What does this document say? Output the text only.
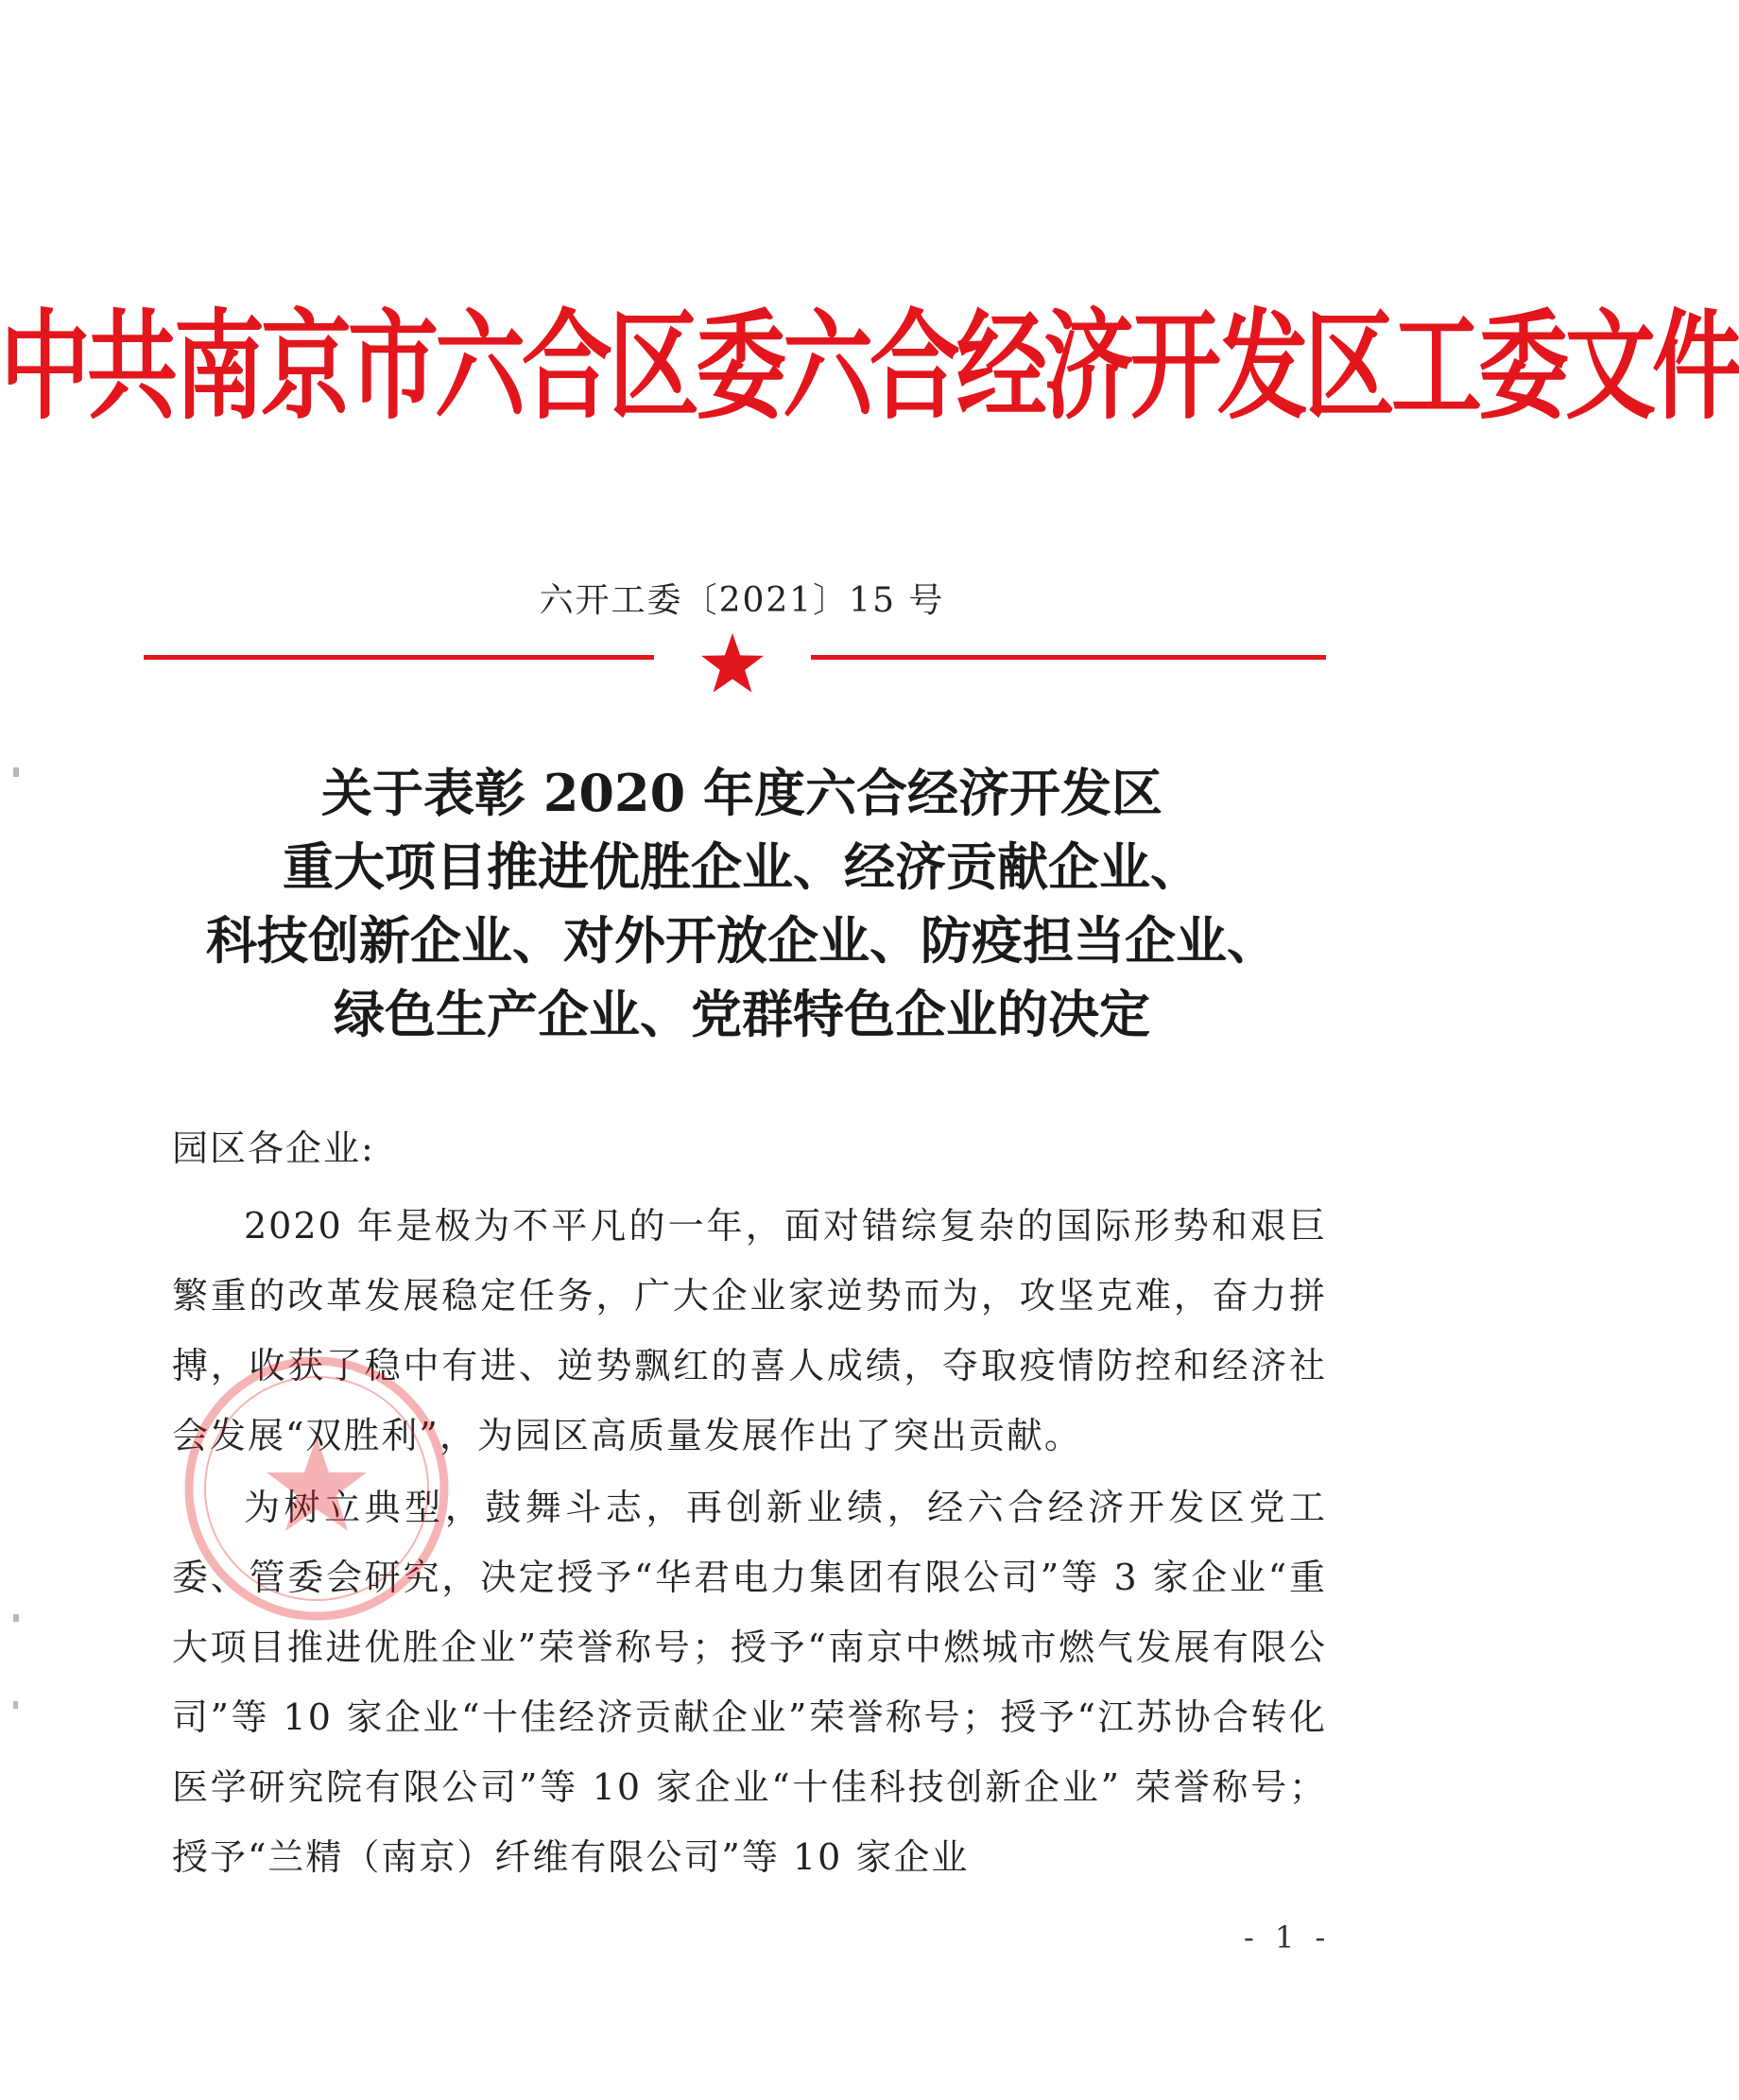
中共南京市六合区委六合经济开发区工委文件
六开工委〔2021〕15 号
关于表彰 2020 年度六合经济开发区
重大项目推进优胜企业、经济贡献企业、
科技创新企业、对外开放企业、防疫担当企业、
绿色生产企业、党群特色企业的决定
园区各企业:

2020 年是极为不平凡的一年，面对错综复杂的国际形势和艰巨繁重的改革发展稳定任务，广大企业家逆势而为，攻坚克难，奋力拼搏，收获了稳中有进、逆势飘红的喜人成绩，夺取疫情防控和经济社会发展“双胜利”，为园区高质量发展作出了突出贡献。

为树立典型，鼓舞斗志，再创新业绩，经六合经济开发区党工委、管委会研究，决定授予“华君电力集团有限公司”等 3 家企业“重大项目推进优胜企业”荣誉称号；授予“南京中燃城市燃气发展有限公司”等 10 家企业“十佳经济贡献企业”荣誉称号；授予“江苏协合转化医学研究院有限公司”等 10 家企业“十佳科技创新企业” 荣誉称号；授予“兰精（南京）纤维有限公司”等 10 家企业

- 1 -
